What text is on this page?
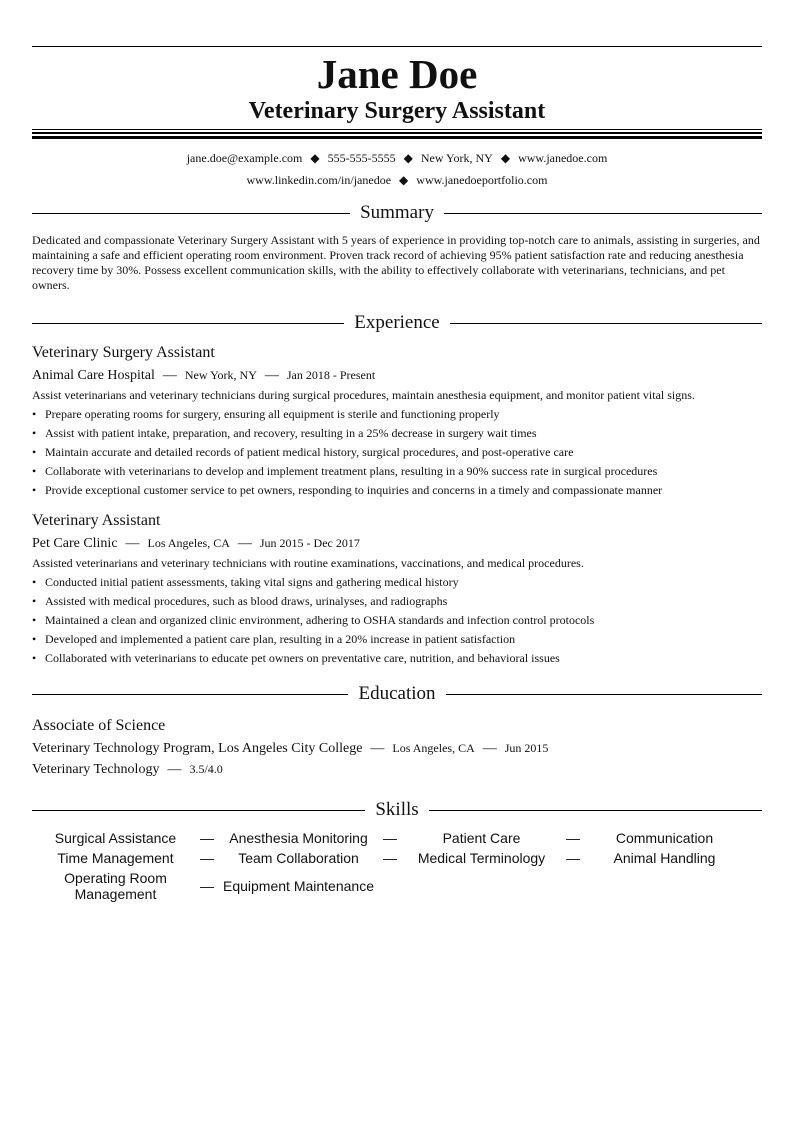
Jane Doe
Veterinary Surgery Assistant
jane.doe@example.com ◆ 555-555-5555 ◆ New York, NY ◆ www.janedoe.com
www.linkedin.com/in/janedoe ◆ www.janedoeportfolio.com
Summary
Dedicated and compassionate Veterinary Surgery Assistant with 5 years of experience in providing top-notch care to animals, assisting in surgeries, and maintaining a safe and efficient operating room environment. Proven track record of achieving 95% patient satisfaction rate and reducing anesthesia recovery time by 30%. Possess excellent communication skills, with the ability to effectively collaborate with veterinarians, technicians, and pet owners.
Experience
Veterinary Surgery Assistant
Animal Care Hospital — New York, NY — Jan 2018 - Present
Assist veterinarians and veterinary technicians during surgical procedures, maintain anesthesia equipment, and monitor patient vital signs.
• Prepare operating rooms for surgery, ensuring all equipment is sterile and functioning properly
• Assist with patient intake, preparation, and recovery, resulting in a 25% decrease in surgery wait times
• Maintain accurate and detailed records of patient medical history, surgical procedures, and post-operative care
• Collaborate with veterinarians to develop and implement treatment plans, resulting in a 90% success rate in surgical procedures
• Provide exceptional customer service to pet owners, responding to inquiries and concerns in a timely and compassionate manner
Veterinary Assistant
Pet Care Clinic — Los Angeles, CA — Jun 2015 - Dec 2017
Assisted veterinarians and veterinary technicians with routine examinations, vaccinations, and medical procedures.
• Conducted initial patient assessments, taking vital signs and gathering medical history
• Assisted with medical procedures, such as blood draws, urinalyses, and radiographs
• Maintained a clean and organized clinic environment, adhering to OSHA standards and infection control protocols
• Developed and implemented a patient care plan, resulting in a 20% increase in patient satisfaction
• Collaborated with veterinarians to educate pet owners on preventative care, nutrition, and behavioral issues
Education
Associate of Science
Veterinary Technology Program, Los Angeles City College — Los Angeles, CA — Jun 2015
Veterinary Technology — 3.5/4.0
Skills
Surgical Assistance	—	Anesthesia Monitoring	—	Patient Care	—	Communication
Time Management	—	Team Collaboration	—	Medical Terminology	—	Animal Handling
Operating Room Management	— Equipment Maintenance
